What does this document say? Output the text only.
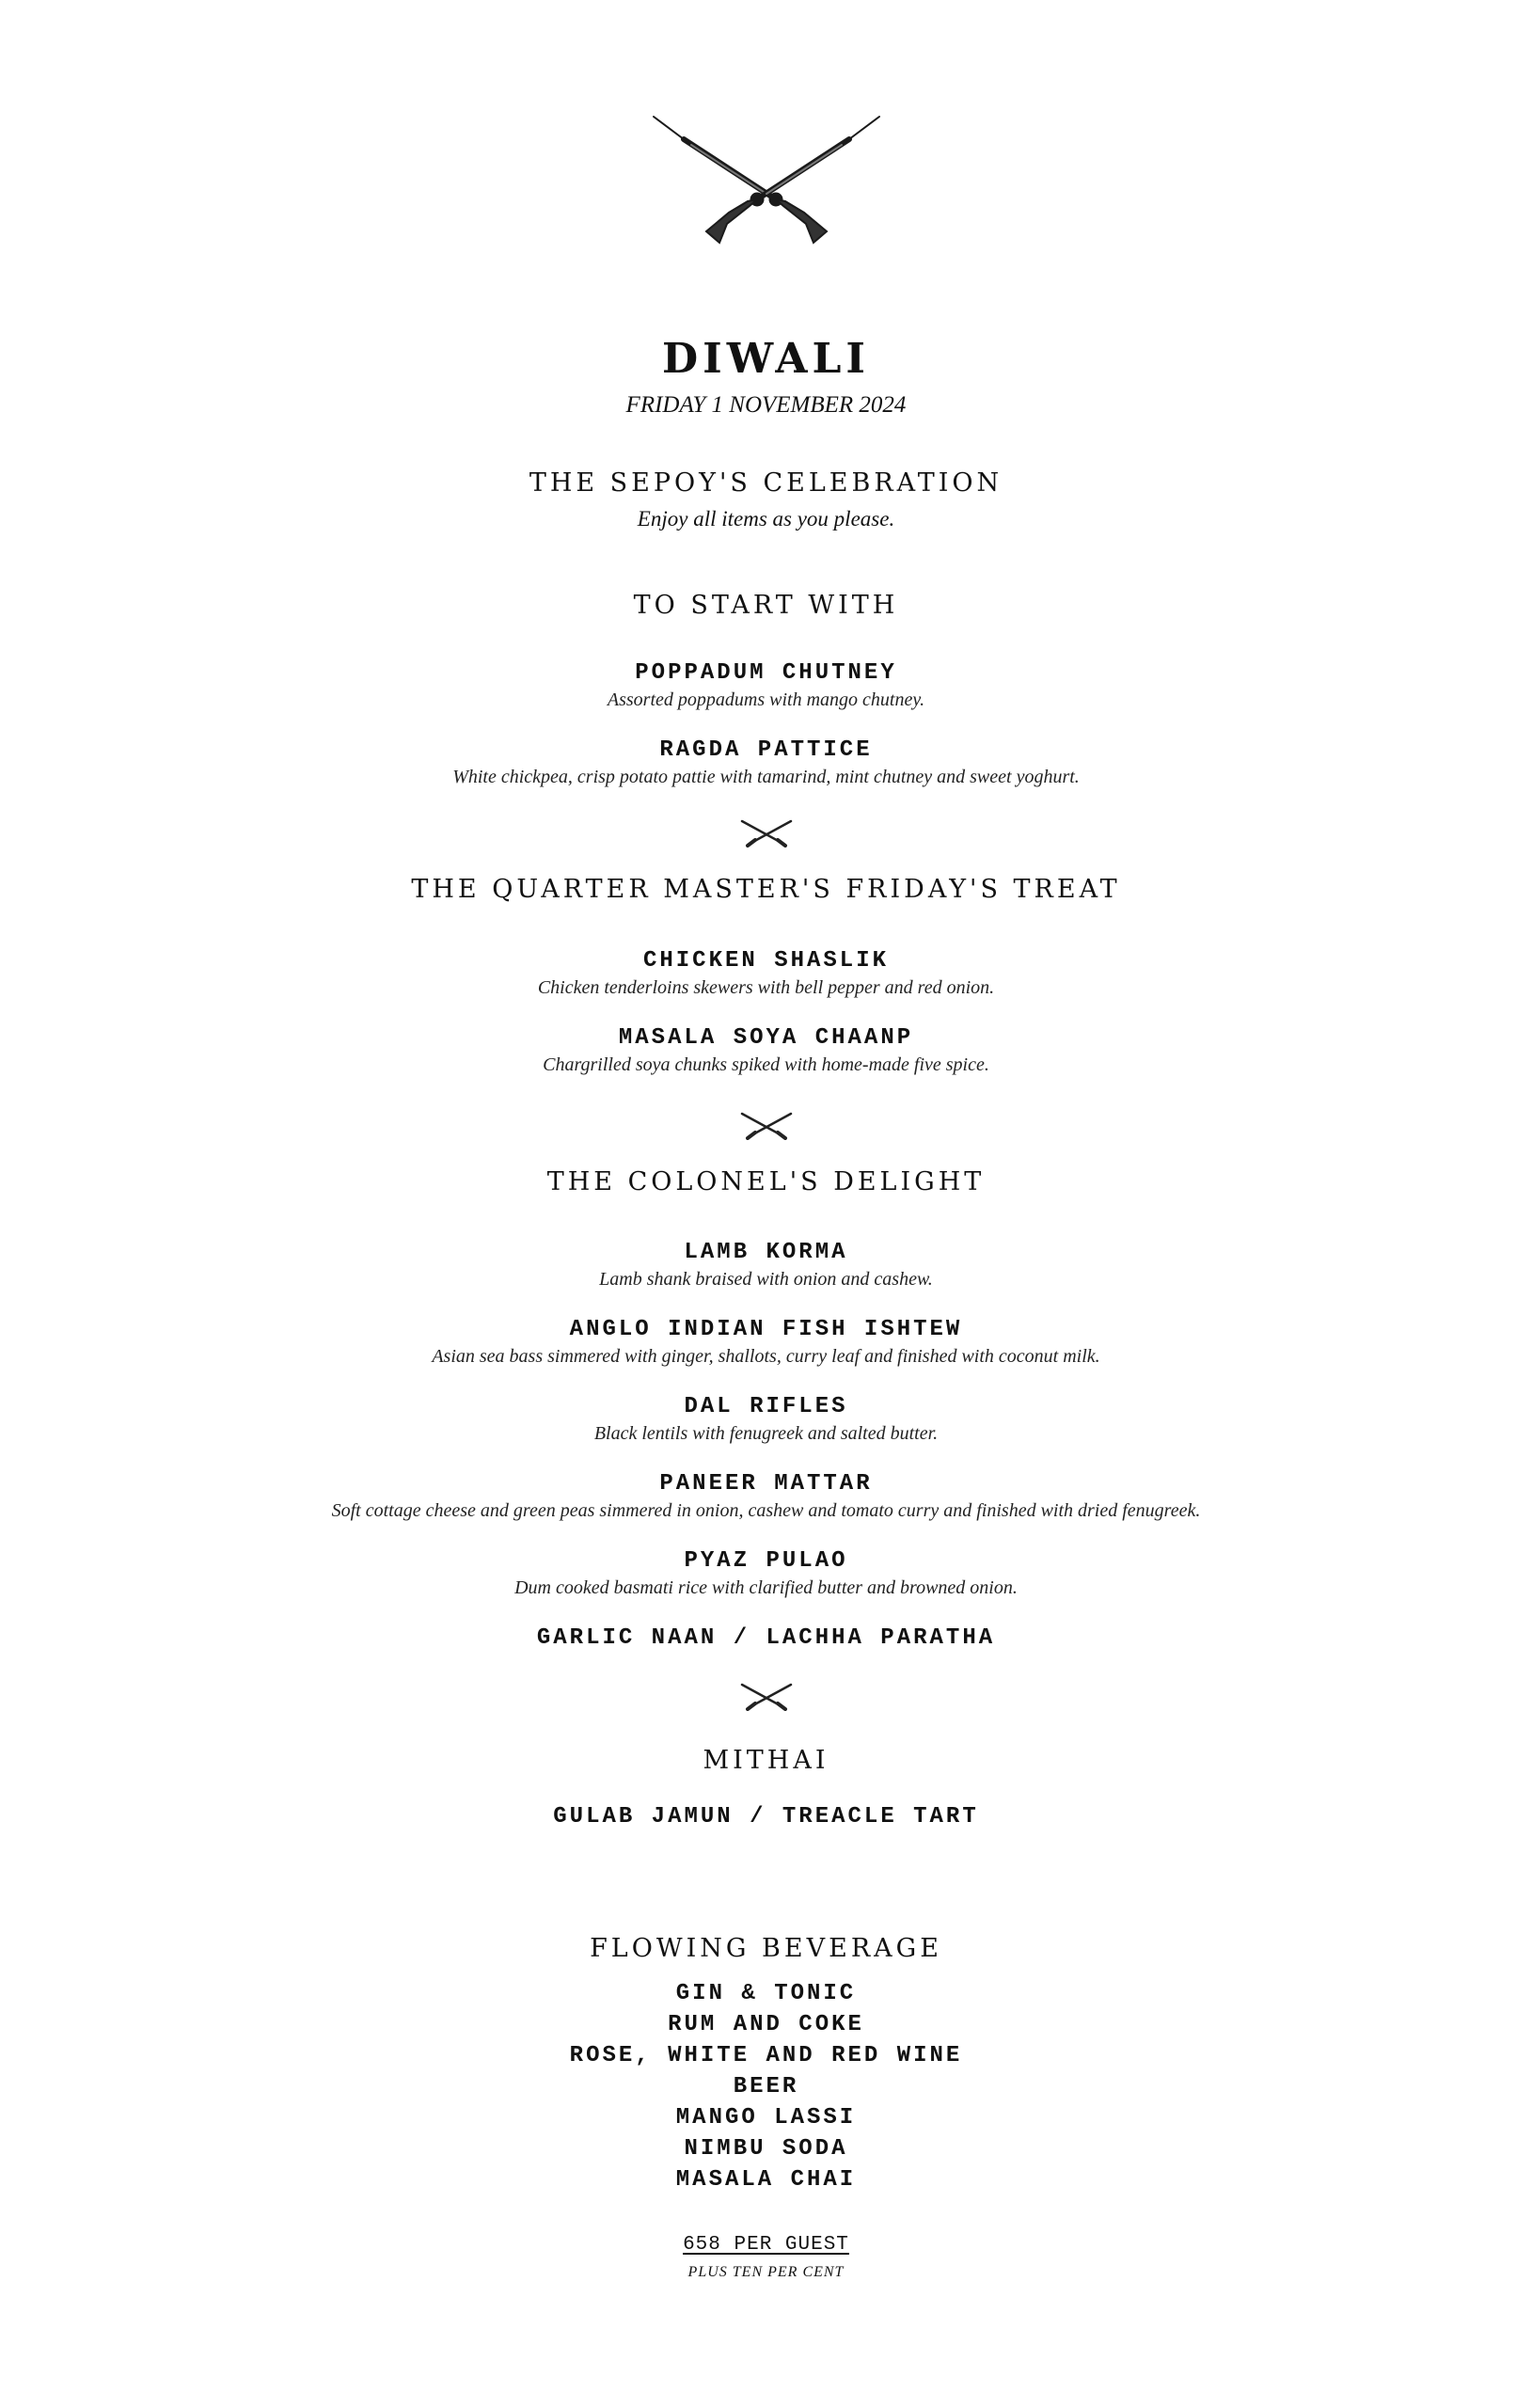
DIWALI
FRIDAY 1 NOVEMBER 2024
THE SEPOY'S CELEBRATION
Enjoy all items as you please.
TO START WITH
POPPADUM CHUTNEY
Assorted poppadums with mango chutney.
RAGDA PATTICE
White chickpea, crisp potato pattie with tamarind, mint chutney and sweet yoghurt.
THE QUARTER MASTER'S FRIDAY'S TREAT
CHICKEN SHASLIK
Chicken tenderloins skewers with bell pepper and red onion.
MASALA SOYA CHAANP
Chargrilled soya chunks spiked with home-made five spice.
THE COLONEL'S DELIGHT
LAMB KORMA
Lamb shank braised with onion and cashew.
ANGLO INDIAN FISH ISHTEW
Asian sea bass simmered with ginger, shallots, curry leaf and finished with coconut milk.
DAL RIFLES
Black lentils with fenugreek and salted butter.
PANEER MATTAR
Soft cottage cheese and green peas simmered in onion, cashew and tomato curry and finished with dried fenugreek.
PYAZ PULAO
Dum cooked basmati rice with clarified butter and browned onion.
GARLIC NAAN / LACHHA PARATHA
MITHAI
GULAB JAMUN / TREACLE TART
FLOWING BEVERAGE
GIN & TONIC
RUM AND COKE
ROSE, WHITE AND RED WINE
BEER
MANGO LASSI
NIMBU SODA
MASALA CHAI
658 PER GUEST
PLUS TEN PER CENT
